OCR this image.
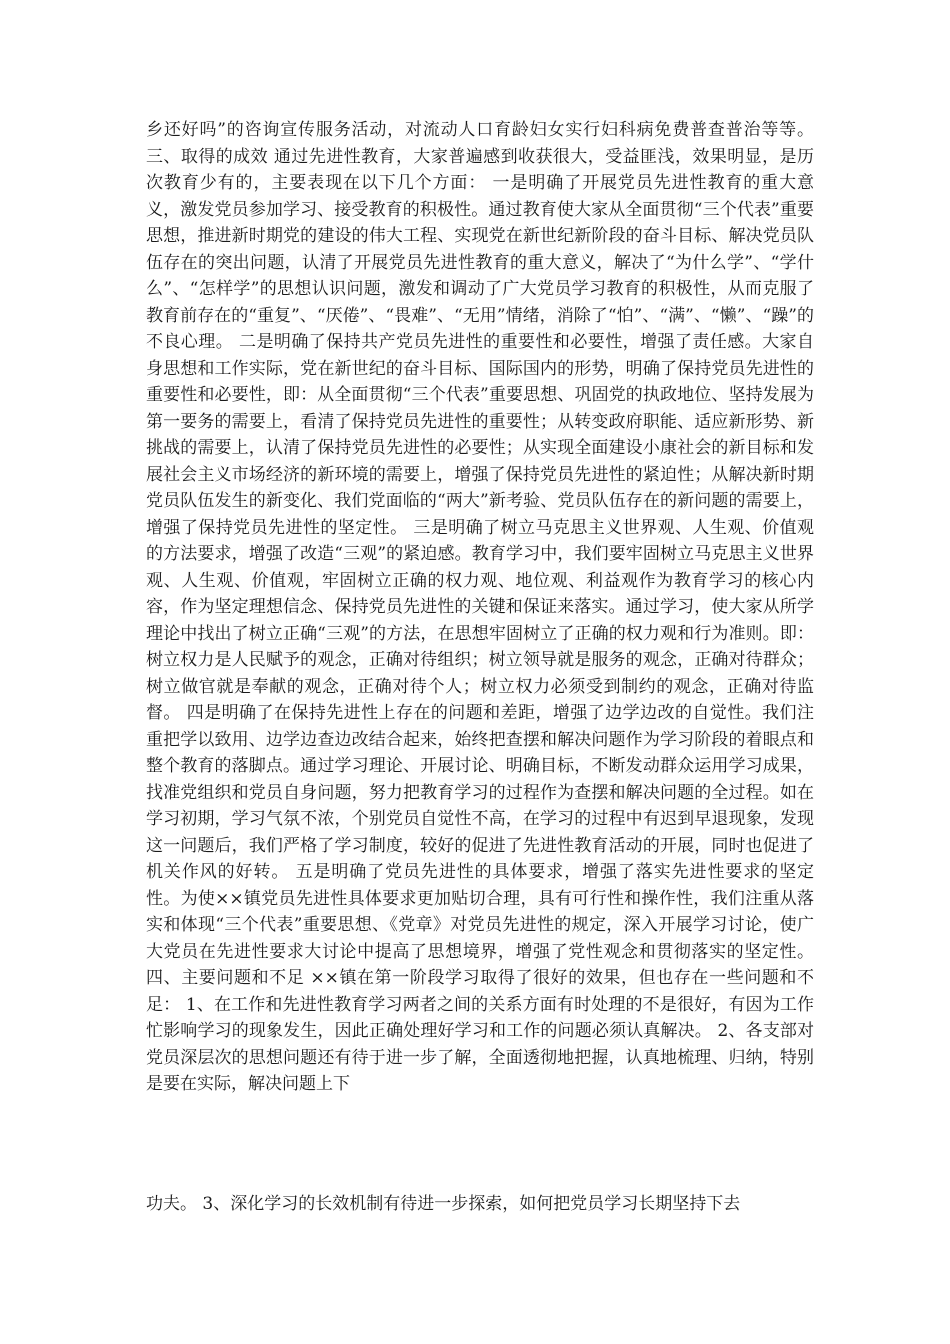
乡还好吗”的咨询宣传服务活动，对流动人口育龄妇女实行妇科病免费普查普治等等。 三、取得的成效 通过先进性教育，大家普遍感到收获很大，受益匪浅，效果明显，是历次教育少有的，主要表现在以下几个方面： 一是明确了开展党员先进性教育的重大意义，激发党员参加学习、接受教育的积极性。通过教育使大家从全面贯彻“三个代表”重要思想，推进新时期党的建设的伟大工程、实现党在新世纪新阶段的奋斗目标、解决党员队伍存在的突出问题，认清了开展党员先进性教育的重大意义，解决了“为什么学”、“学什么”、“怎样学”的思想认识问题，激发和调动了广大党员学习教育的积极性，从而克服了教育前存在的“重复”、“厌倦”、“畏难”、“无用”情绪，消除了“怕”、“满”、“懒”、“躁”的不良心理。 二是明确了保持共产党员先进性的重要性和必要性，增强了责任感。大家自身思想和工作实际，党在新世纪的奋斗目标、国际国内的形势，明确了保持党员先进性的重要性和必要性，即：从全面贯彻“三个代表”重要思想、巩固党的执政地位、坚持发展为第一要务的需要上，看清了保持党员先进性的重要性；从转变政府职能、适应新形势、新挑战的需要上，认清了保持党员先进性的必要性；从实现全面建设小康社会的新目标和发展社会主义市场经济的新环境的需要上，增强了保持党员先进性的紧迫性；从解决新时期党员队伍发生的新变化、我们党面临的“两大”新考验、党员队伍存在的新问题的需要上，增强了保持党员先进性的坚定性。 三是明确了树立马克思主义世界观、人生观、价值观的方法要求，增强了改造“三观”的紧迫感。教育学习中，我们要牢固树立马克思主义世界观、人生观、价值观，牢固树立正确的权力观、地位观、利益观作为教育学习的核心内容，作为坚定理想信念、保持党员先进性的关键和保证来落实。通过学习，使大家从所学理论中找出了树立正确“三观”的方法，在思想牢固树立了正确的权力观和行为准则。即：树立权力是人民赋予的观念，正确对待组织；树立领导就是服务的观念，正确对待群众；树立做官就是奉献的观念，正确对待个人；树立权力必须受到制约的观念，正确对待监督。 四是明确了在保持先进性上存在的问题和差距，增强了边学边改的自觉性。我们注重把学以致用、边学边查边改结合起来，始终把查摆和解决问题作为学习阶段的着眼点和整个教育的落脚点。通过学习理论、开展讨论、明确目标，不断发动群众运用学习成果，找准党组织和党员自身问题，努力把教育学习的过程作为查摆和解决问题的全过程。如在学习初期，学习气氛不浓，个别党员自觉性不高，在学习的过程中有迟到早退现象，发现这一问题后，我们严格了学习制度，较好的促进了先进性教育活动的开展，同时也促进了机关作风的好转。 五是明确了党员先进性的具体要求，增强了落实先进性要求的坚定性。为使××镇党员先进性具体要求更加贴切合理，具有可行性和操作性，我们注重从落实和体现“三个代表”重要思想、《党章》对党员先进性的规定，深入开展学习讨论，使广大党员在先进性要求大讨论中提高了思想境界，增强了党性观念和贯彻落实的坚定性。 四、主要问题和不足 ××镇在第一阶段学习取得了很好的效果，但也存在一些问题和不足： 1、在工作和先进性教育学习两者之间的关系方面有时处理的不是很好，有因为工作忙影响学习的现象发生，因此正确处理好学习和工作的问题必须认真解决。 2、各支部对党员深层次的思想问题还有待于进一步了解，全面透彻地把握，认真地梳理、归纳，特别是要在实际，解决问题上下
功夫。 3、深化学习的长效机制有待进一步探索，如何把党员学习长期坚持下去
